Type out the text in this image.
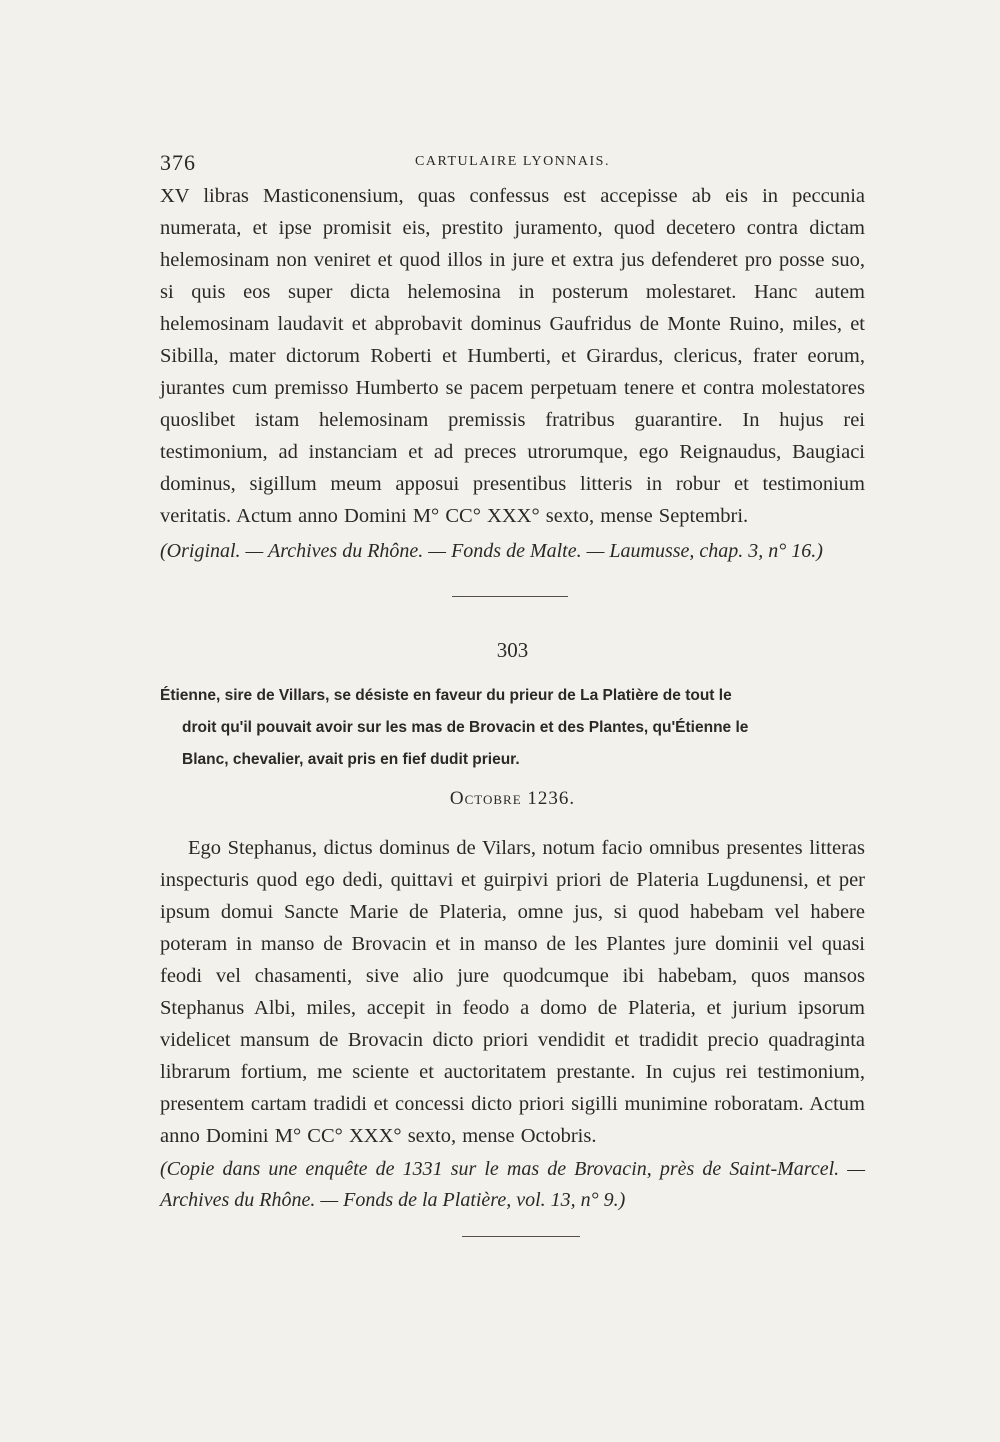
376	CARTULAIRE LYONNAIS.

XV libras Masticonensium, quas confessus est accepisse ab eis in peccunia numerata, et ipse promisit eis, prestito juramento, quod decetero contra dictam helemosinam non veniret et quod illos in jure et extra jus defenderet pro posse suo, si quis eos super dicta helemosina in posterum molestaret. Hanc autem helemosinam laudavit et abprobavit dominus Gaufridus de Monte Ruino, miles, et Sibilla, mater dictorum Roberti et Humberti, et Girardus, clericus, frater eorum, jurantes cum premisso Humberto se pacem perpetuam tenere et contra molestatores quoslibet istam helemosinam premissis fratribus guarantire. In hujus rei testimonium, ad instanciam et ad preces utrorumque, ego Reignaudus, Baugiaci dominus, sigillum meum apposui presentibus litteris in robur et testimonium veritatis. Actum anno Domini M° CC° XXX° sexto, mense Septembri.

(Original. — Archives du Rhône. — Fonds de Malte. — Laumusse, chap. 3, n° 16.)
303
Étienne, sire de Villars, se désiste en faveur du prieur de La Platière de tout le
droit qu'il pouvait avoir sur les mas de Brovacin et des Plantes, qu'Étienne le
Blanc, chevalier, avait pris en fief dudit prieur.
Octobre 1236.

Ego Stephanus, dictus dominus de Vilars, notum facio omnibus presentes litteras inspecturis quod ego dedi, quittavi et guirpivi priori de Plateria Lugdunensi, et per ipsum domui Sancte Marie de Plateria, omne jus, si quod habebam vel habere poteram in manso de Brovacin et in manso de les Plantes jure dominii vel quasi feodi vel chasamenti, sive alio jure quodcumque ibi habebam, quos mansos Stephanus Albi, miles, accepit in feodo a domo de Plateria, et jurium ipsorum videlicet mansum de Brovacin dicto priori vendidit et tradidit precio quadraginta librarum fortium, me sciente et auctoritatem prestante. In cujus rei testimonium, presentem cartam tradidi et concessi dicto priori sigilli munimine roboratam. Actum anno Domini M° CC° XXX° sexto, mense Octobris.

(Copie dans une enquête de 1331 sur le mas de Brovacin, près de Saint-Marcel. — Archives du Rhône. — Fonds de la Platière, vol. 13, n° 9.)
